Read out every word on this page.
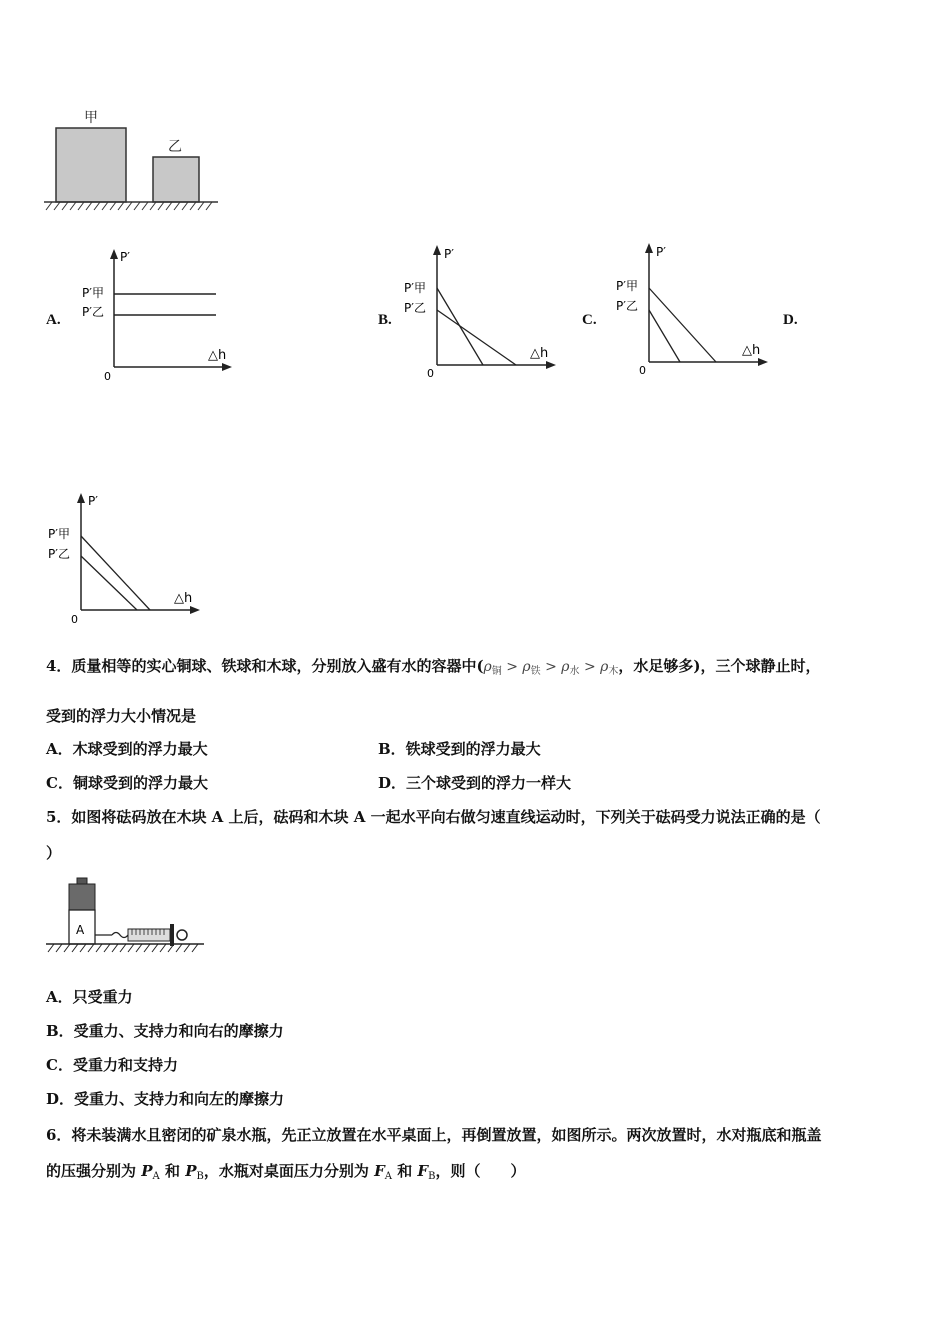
甲
乙
A.	B.	C.	D.
P′
P′甲
P′乙
△h
0
P′
P′甲
P′乙
△h
0
P′
P′甲
P′乙
△h
0
P′
P′甲
P′乙
△h
0
4．质量相等的实心铜球、铁球和木球，分别放入盛有水的容器中($\rho_铜 > \rho_铁 > \rho_水 > \rho_木$，水足够多)，三个球静止时，
受到的浮力大小情况是
A．木球受到的浮力最大	B．铁球受到的浮力最大
C．铜球受到的浮力最大	D．三个球受到的浮力一样大
5．如图将砝码放在木块 A 上后，砝码和木块 A 一起水平向右做匀速直线运动时，下列关于砝码受力说法正确的是（
）
A
A．只受重力
B．受重力、支持力和向右的摩擦力
C．受重力和支持力
D．受重力、支持力和向左的摩擦力
6．将未装满水且密闭的矿泉水瓶，先正立放置在水平桌面上，再倒置放置，如图所示。两次放置时，水对瓶底和瓶盖
的压强分别为 $P_A$ 和 $P_B$，水瓶对桌面压力分别为 $F_A$ 和 $F_B$，则（　　）
